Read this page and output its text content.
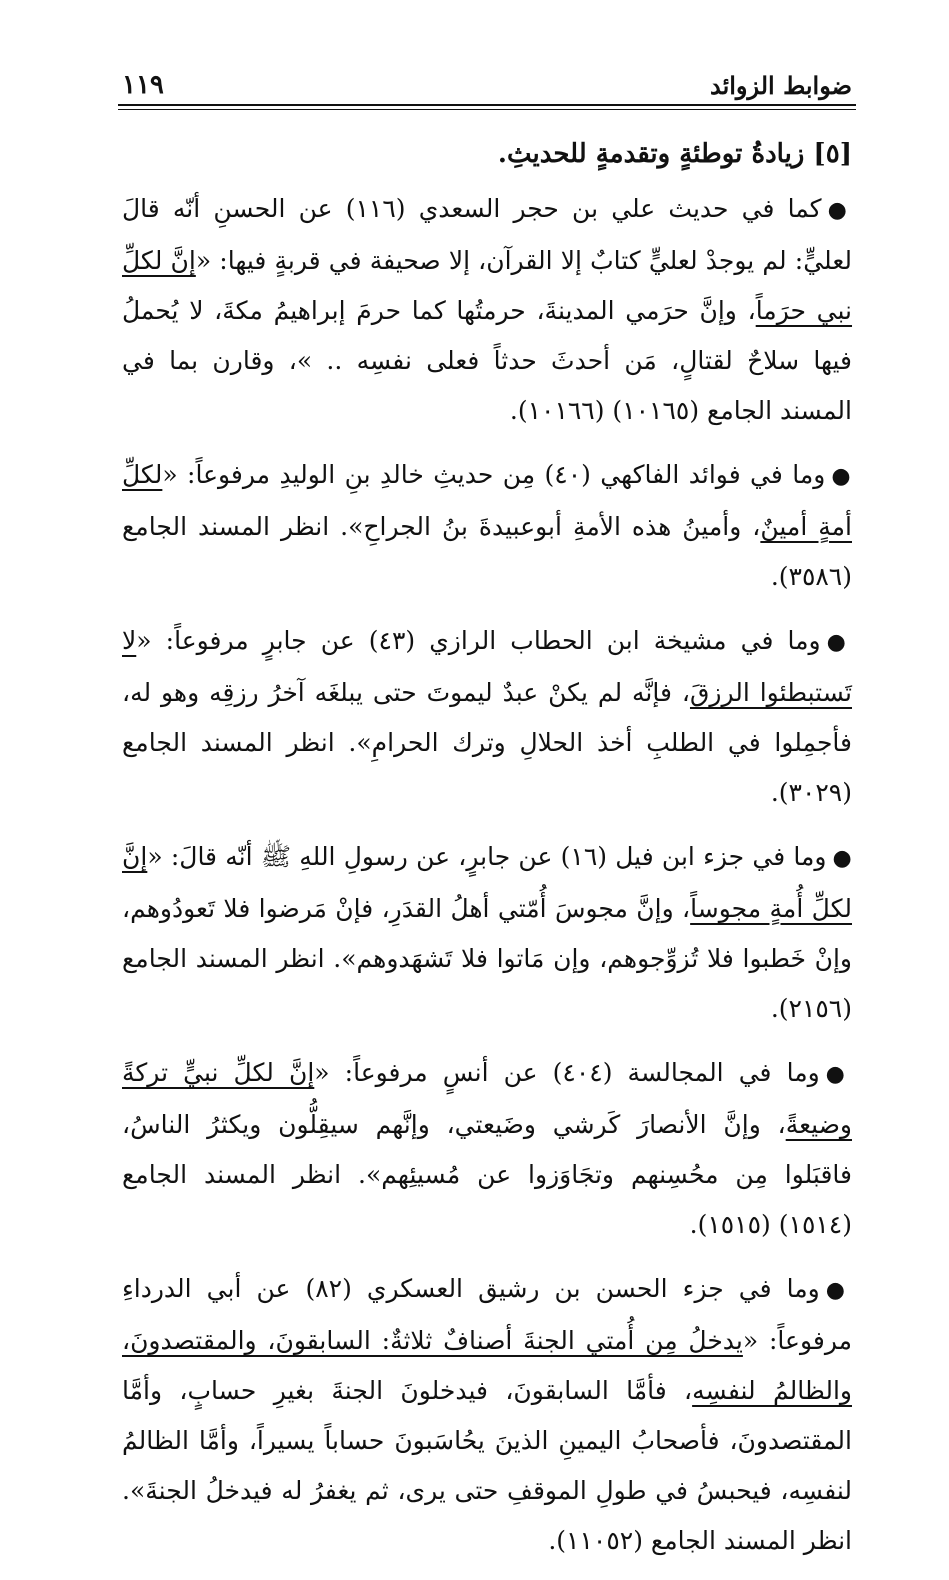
ضوابط الزوائد
١١٩
[٥] زيادةُ توطئةٍ وتقدمةٍ للحديثِ.

●كما في حديث علي بن حجر السعدي (١١٦) عن الحسنِ أنّه قالَ لعليٍّ: لم يوجدْ لعليٍّ كتابٌ إلا القرآن، إلا صحيفة في قربةٍ فيها: «إنَّ لكلِّ نبي حرَماً، وإنَّ حرَمي المدينةَ، حرمتُها كما حرمَ إبراهيمُ مكةَ، لا يُحملُ فيها سلاحٌ لقتالٍ، مَن أحدثَ حدثاً فعلى نفسِه .. »، وقارن بما في المسند الجامع (١٠١٦٥) (١٠١٦٦).

●وما في فوائد الفاكهي (٤٠) مِن حديثِ خالدِ بنِ الوليدِ مرفوعاً: «لكلِّ أمةٍ أمينٌ، وأمينُ هذه الأمةِ أبوعبيدةَ بنُ الجراحِ». انظر المسند الجامع (٣٥٨٦).

●وما في مشيخة ابن الحطاب الرازي (٤٣) عن جابرٍ مرفوعاً: «لا تَستبطئوا الرزقَ، فإنَّه لم يكنْ عبدٌ ليموتَ حتى يبلغَه آخرُ رزقِه وهو له، فأجمِلوا في الطلبِ أخذ الحلالِ وترك الحرامِ». انظر المسند الجامع (٣٠٢٩).

●وما في جزء ابن فيل (١٦) عن جابرٍ، عن رسولِ اللهِ ﷺ أنّه قالَ: «إنَّ لكلِّ أُمةٍ مجوساً، وإنَّ مجوسَ أُمّتي أهلُ القدَرِ، فإنْ مَرضوا فلا تَعودُوهم، وإنْ خَطبوا فلا تُزوِّجوهم، وإن مَاتوا فلا تَشهَدوهم». انظر المسند الجامع (٢١٥٦).

●وما في المجالسة (٤٠٤) عن أنسٍ مرفوعاً: «إنَّ لكلِّ نبيٍّ تركةً وضيعةً، وإنَّ الأنصارَ كَرشي وضَيعتي، وإنَّهم سيقِلُّون ويكثرُ الناسُ، فاقبَلوا مِن محُسِنهم وتجَاوَزوا عن مُسيئِهم». انظر المسند الجامع (١٥١٤) (١٥١٥).

●وما في جزء الحسن بن رشيق العسكري (٨٢) عن أبي الدرداءِ مرفوعاً: «يدخلُ مِن أُمتي الجنةَ أصنافٌ ثلاثةٌ: السابقونَ، والمقتصدونَ، والظالمُ لنفسِه، فأمَّا السابقونَ، فيدخلونَ الجنةَ بغيرِ حسابٍ، وأمَّا المقتصدونَ، فأصحابُ اليمينِ الذينَ يحُاسَبونَ حساباً يسيراً، وأمَّا الظالمُ لنفسِه، فيحبسُ في طولِ الموقفِ حتى يرى، ثم يغفرُ له فيدخلُ الجنةَ». انظر المسند الجامع (١١٠٥٢).
